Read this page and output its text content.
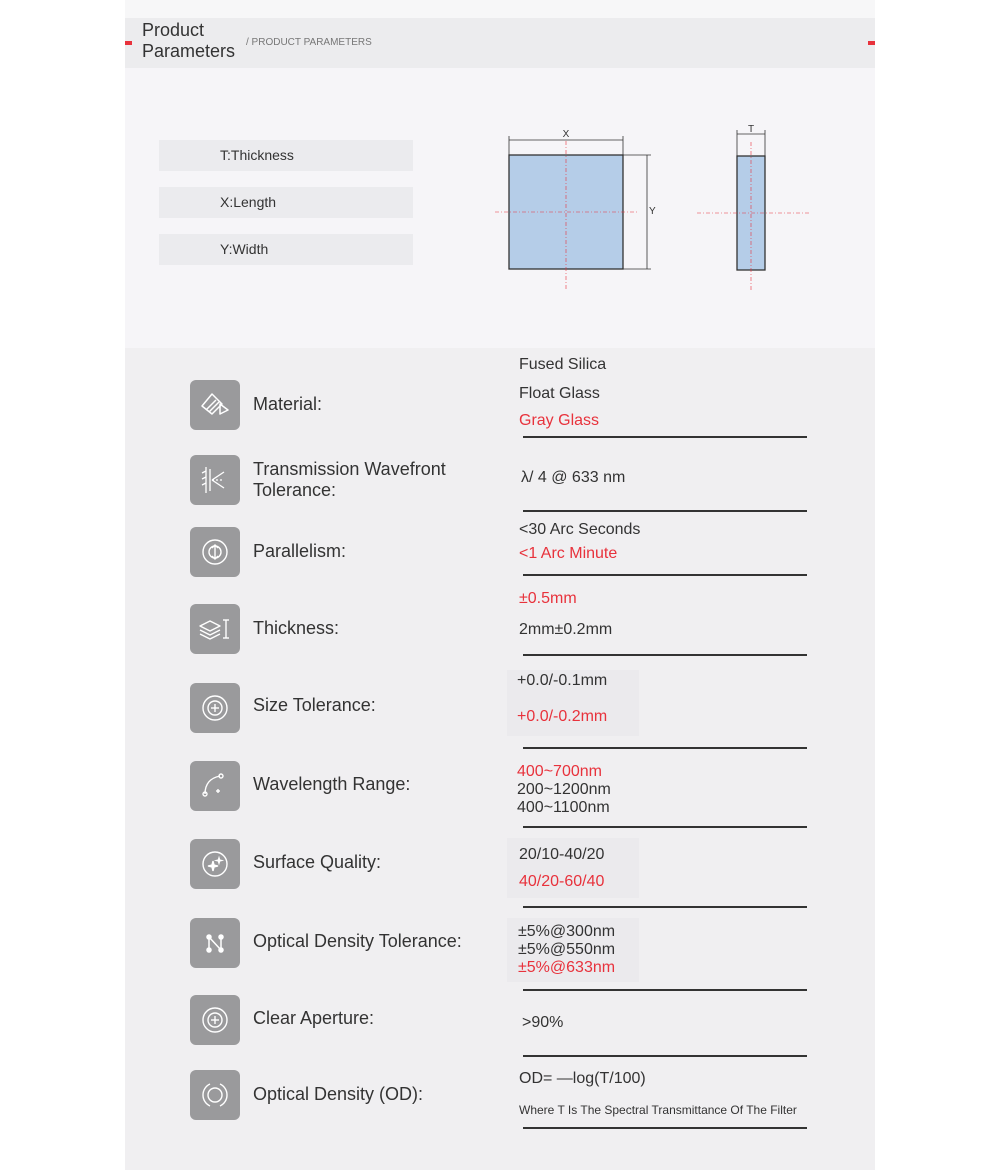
Product Parameters	/ PRODUCT PARAMETERS
T:Thickness
X:Length
Y:Width
X
Y
T
Material:
Fused Silica
Float Glass
Gray Glass
Transmission Wavefront Tolerance:
λ/ 4 @ 633 nm
Parallelism:
<30 Arc Seconds
<1 Arc Minute
Thickness:
±0.5mm
2mm±0.2mm
Size Tolerance:
+0.0/-0.1mm
+0.0/-0.2mm
Wavelength Range:
400~700nm
200~1200nm
400~1100nm
Surface Quality:	20/10-40/20
40/20-60/40
Optical Density Tolerance:	±5%@300nm
±5%@550nm
±5%@633nm
Clear Aperture:	>90%
Optical Density (OD):
OD= —log(T/100)
Where T Is The Spectral Transmittance Of The Filter
